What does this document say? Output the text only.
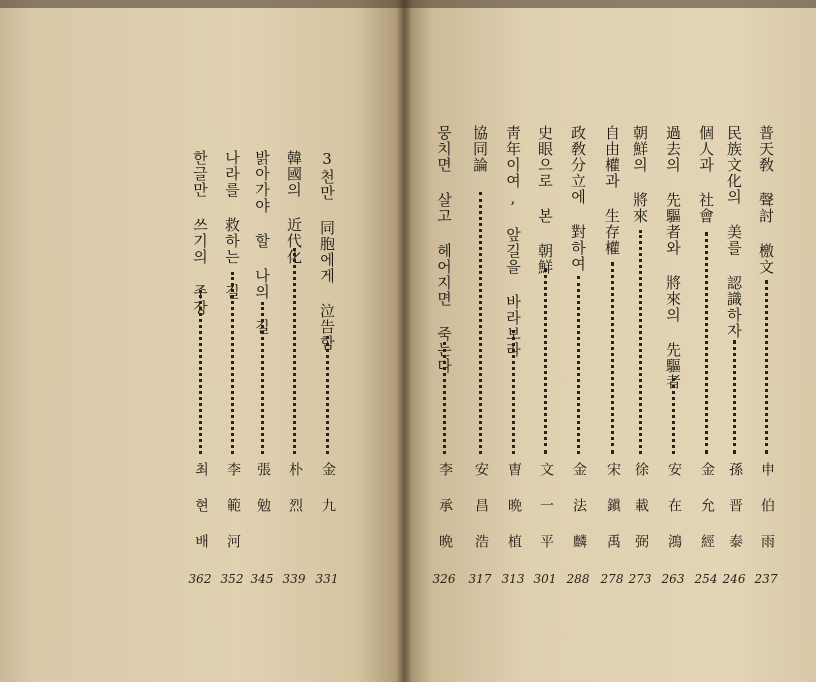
3천만 同胞에게 泣告함

金九
331

韓國의 近代化

朴烈
339

밝아가야 할 나의 길

張勉
345

나라를 救하는 길

李範河
352

한글만 쓰기의 주장

최현배
362

普天敎 聲討 檄文

申伯雨
237

民族文化의 美를 認識하자

孫晋泰
246

個人과 社會

金允經
254

過去의 先驅者와 將來의 先驅者

安在鴻
263

朝鮮의 將來

徐載弼
273

自由權과 生存權

宋鎭禹
278

政敎分立에 對하여

金法麟
288

史眼으로 본 朝鮮

文一平
301

靑年이여, 앞길을 바라보라

曺晩植
313

協同論

安昌浩
317

뭉치면 살고 헤어지면 죽는다

李承晩
326
